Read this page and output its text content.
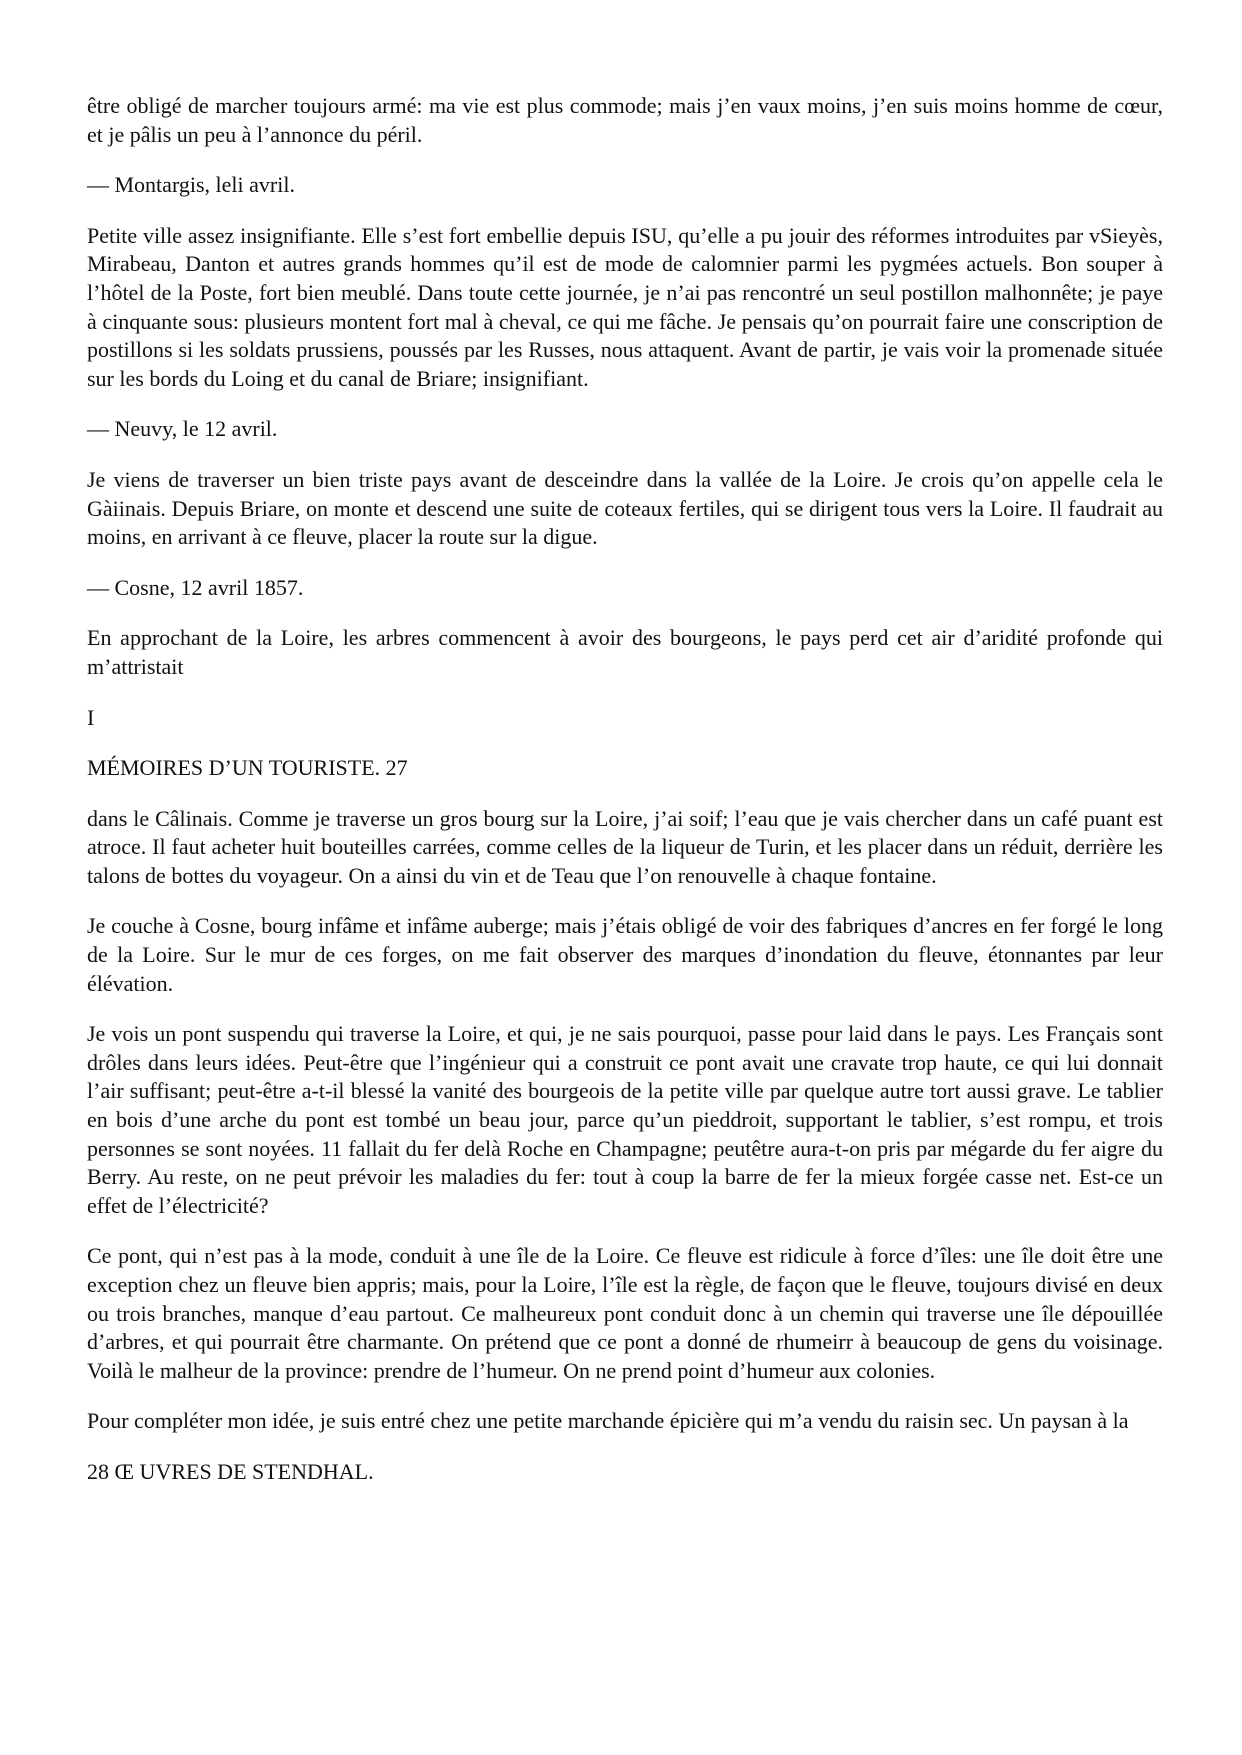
être obligé de marcher toujours armé: ma vie est plus commode; mais j’en vaux moins, j’en suis moins homme de cœur, et je pâlis un peu à l’annonce du péril.

— Montargis, leli avril.

Petite ville assez insignifiante. Elle s’est fort embellie depuis ISU, qu’elle a pu jouir des réformes introduites par vSieyès, Mirabeau, Danton et autres grands hommes qu’il est de mode de calomnier parmi les pygmées actuels. Bon souper à l’hôtel de la Poste, fort bien meublé. Dans toute cette journée, je n’ai pas rencontré un seul postillon malhonnête; je paye à cinquante sous: plusieurs montent fort mal à cheval, ce qui me fâche. Je pensais qu’on pourrait faire une conscription de postillons si les soldats prussiens, poussés par les Russes, nous attaquent. Avant de partir, je vais voir la promenade située sur les bords du Loing et du canal de Briare; insignifiant.

— Neuvy, le 12 avril.

Je viens de traverser un bien triste pays avant de desceindre dans la vallée de la Loire. Je crois qu’on appelle cela le Gàiinais. Depuis Briare, on monte et descend une suite de coteaux fertiles, qui se dirigent tous vers la Loire. Il faudrait au moins, en arrivant à ce fleuve, placer la route sur la digue.

— Cosne, 12 avril 1857.

En approchant de la Loire, les arbres commencent à avoir des bourgeons, le pays perd cet air d’aridité profonde qui m’attristait

I

MÉMOIRES D’UN TOURISTE. 27

dans le Câlinais. Comme je traverse un gros bourg sur la Loire, j’ai soif; l’eau que je vais chercher dans un café puant est atroce. Il faut acheter huit bouteilles carrées, comme celles de la liqueur de Turin, et les placer dans un réduit, derrière les talons de bottes du voyageur. On a ainsi du vin et de Teau que l’on renouvelle à chaque fontaine.

Je couche à Cosne, bourg infâme et infâme auberge; mais j’étais obligé de voir des fabriques d’ancres en fer forgé le long de la Loire. Sur le mur de ces forges, on me fait observer des marques d’inondation du fleuve, étonnantes par leur élévation.

Je vois un pont suspendu qui traverse la Loire, et qui, je ne sais pourquoi, passe pour laid dans le pays. Les Français sont drôles dans leurs idées. Peut-être que l’ingénieur qui a construit ce pont avait une cravate trop haute, ce qui lui donnait l’air suffisant; peut-être a-t-il blessé la vanité des bourgeois de la petite ville par quelque autre tort aussi grave. Le tablier en bois d’une arche du pont est tombé un beau jour, parce qu’un pieddroit, supportant le tablier, s’est rompu, et trois personnes se sont noyées. 11 fallait du fer delà Roche en Champagne; peutêtre aura-t-on pris par mégarde du fer aigre du Berry. Au reste, on ne peut prévoir les maladies du fer: tout à coup la barre de fer la mieux forgée casse net. Est-ce un effet de l’électricité?

Ce pont, qui n’est pas à la mode, conduit à une île de la Loire. Ce fleuve est ridicule à force d’îles: une île doit être une exception chez un fleuve bien appris; mais, pour la Loire, l’île est la règle, de façon que le fleuve, toujours divisé en deux ou trois branches, manque d’eau partout. Ce malheureux pont conduit donc à un chemin qui traverse une île dépouillée d’arbres, et qui pourrait être charmante. On prétend que ce pont a donné de rhumeirr à beaucoup de gens du voisinage. Voilà le malheur de la province: prendre de l’humeur. On ne prend point d’humeur aux colonies.

Pour compléter mon idée, je suis entré chez une petite marchande épicière qui m’a vendu du raisin sec. Un paysan à la

28 Œ UVRES DE STENDHAL.
